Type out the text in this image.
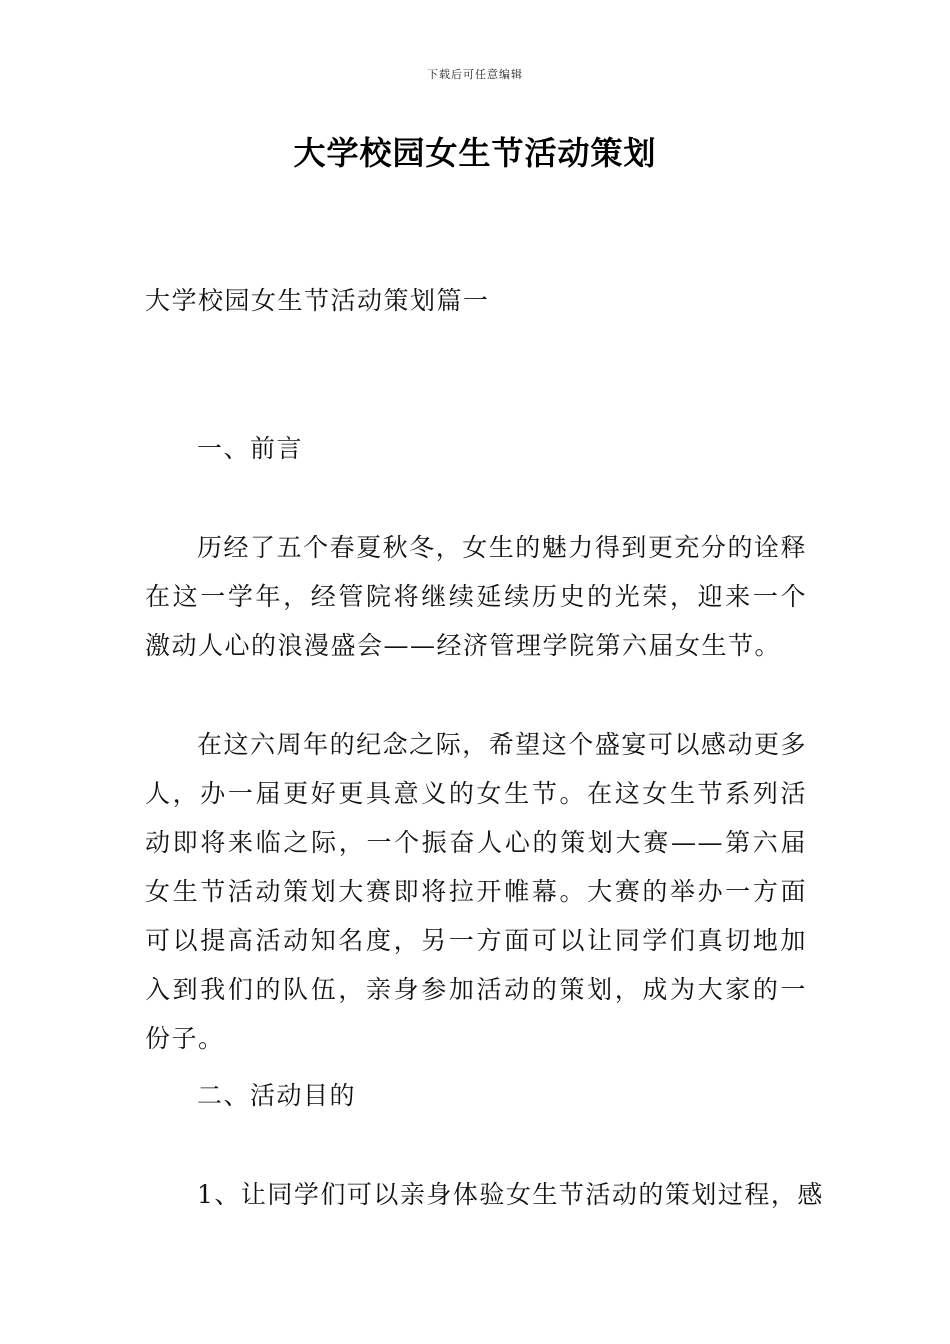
下载后可任意编辑
大学校园女生节活动策划

大学校园女生节活动策划篇一

一、前言

历经了五个春夏秋冬，女生的魅力得到更充分的诠释在这一学年，经管院将继续延续历史的光荣，迎来一个激动人心的浪漫盛会——经济管理学院第六届女生节。

在这六周年的纪念之际，希望这个盛宴可以感动更多人，办一届更好更具意义的女生节。在这女生节系列活动即将来临之际，一个振奋人心的策划大赛——第六届女生节活动策划大赛即将拉开帷幕。大赛的举办一方面可以提高活动知名度，另一方面可以让同学们真切地加入到我们的队伍，亲身参加活动的策划，成为大家的一份子。

二、活动目的

1、让同学们可以亲身体验女生节活动的策划过程，感
